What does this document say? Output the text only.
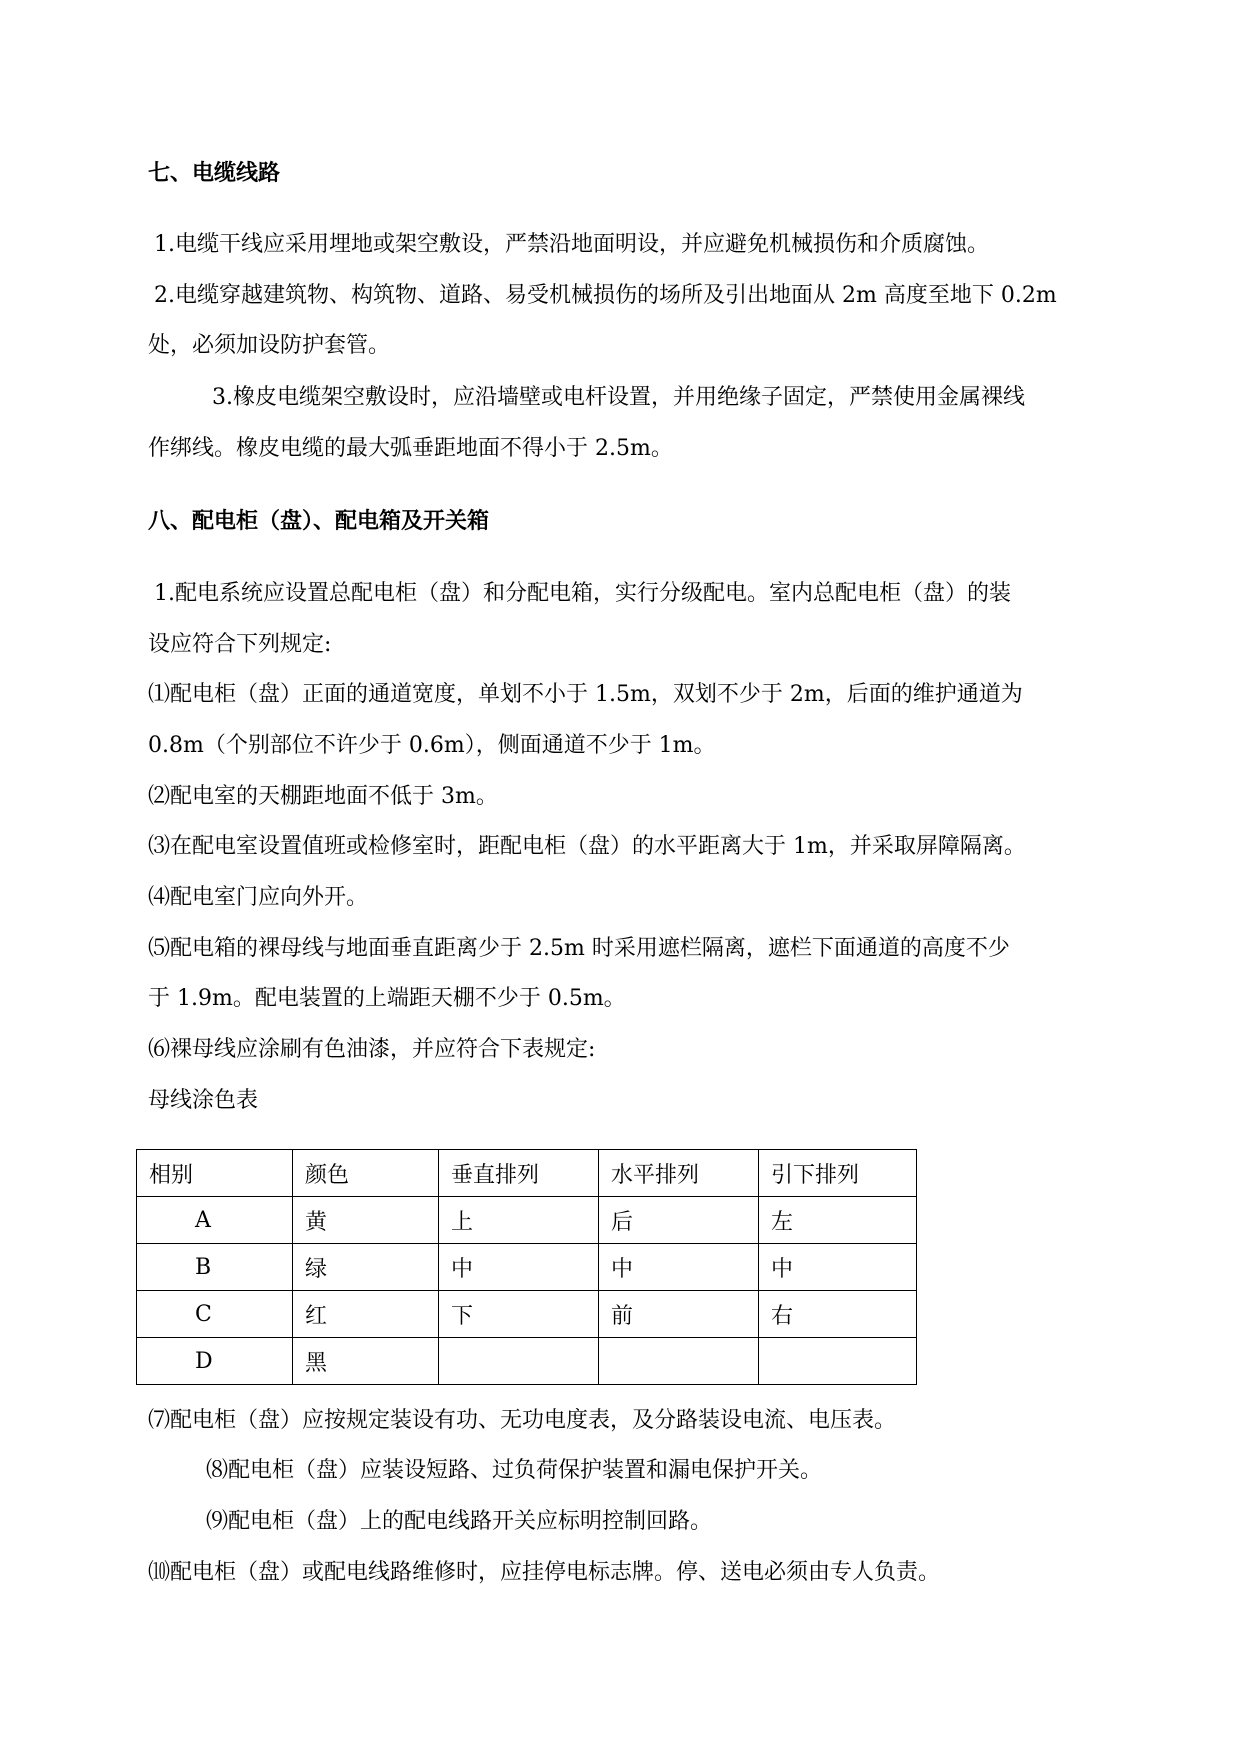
七、电缆线路
1.电缆干线应采用埋地或架空敷设，严禁沿地面明设，并应避免机械损伤和介质腐蚀。
2.电缆穿越建筑物、构筑物、道路、易受机械损伤的场所及引出地面从 2m 高度至地下 0.2m
处，必须加设防护套管。
3.橡皮电缆架空敷设时，应沿墙壁或电杆设置，并用绝缘子固定，严禁使用金属裸线
作绑线。橡皮电缆的最大弧垂距地面不得小于 2.5m。
八、配电柜（盘）、配电箱及开关箱
1.配电系统应设置总配电柜（盘）和分配电箱，实行分级配电。室内总配电柜（盘）的装
设应符合下列规定:
⑴配电柜（盘）正面的通道宽度，单划不小于 1.5m，双划不少于 2m，后面的维护通道为
0.8m（个别部位不许少于 0.6m），侧面通道不少于 1m。
⑵配电室的天棚距地面不低于 3m。
⑶在配电室设置值班或检修室时，距配电柜（盘）的水平距离大于 1m，并采取屏障隔离。
⑷配电室门应向外开。
⑸配电箱的裸母线与地面垂直距离少于 2.5m 时采用遮栏隔离，遮栏下面通道的高度不少
于 1.9m。配电装置的上端距天棚不少于 0.5m。
⑹裸母线应涂刷有色油漆，并应符合下表规定:
母线涂色表
相别	颜色	垂直排列	水平排列	引下排列
A	黄	上	后	左
B	绿	中	中	中
C	红	下	前	右
D	黑			
⑺配电柜（盘）应按规定装设有功、无功电度表，及分路装设电流、电压表。
⑻配电柜（盘）应装设短路、过负荷保护装置和漏电保护开关。
⑼配电柜（盘）上的配电线路开关应标明控制回路。
⑽配电柜（盘）或配电线路维修时，应挂停电标志牌。停、送电必须由专人负责。
